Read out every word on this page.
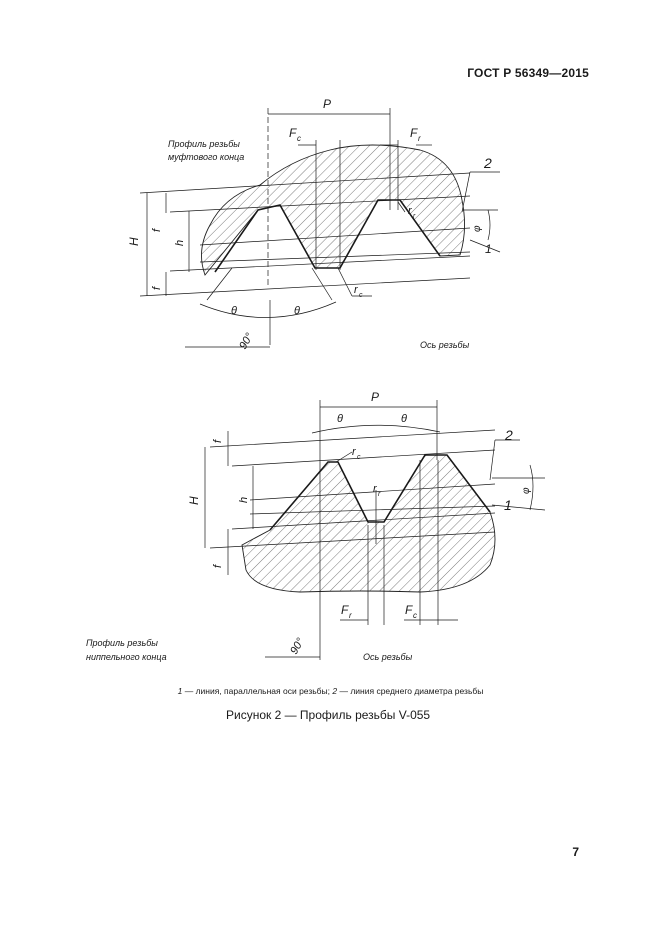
ГОСТ Р 56349—2015
Профиль резьбы
муфтового конца
Ось резьбы
P
F c	F r
H	h
f
f
r r
r c
θ	θ
90°
φ
1
2
Профиль резьбы
ниппельного конца	Ось резьбы
P
θ	θ
r c
r r
f
H	h
f
F r	F c
90°
φ
1
2
1 — линия, параллельная оси резьбы; 2 — линия среднего диаметра резьбы
Рисунок 2 — Профиль резьбы V-055
7
